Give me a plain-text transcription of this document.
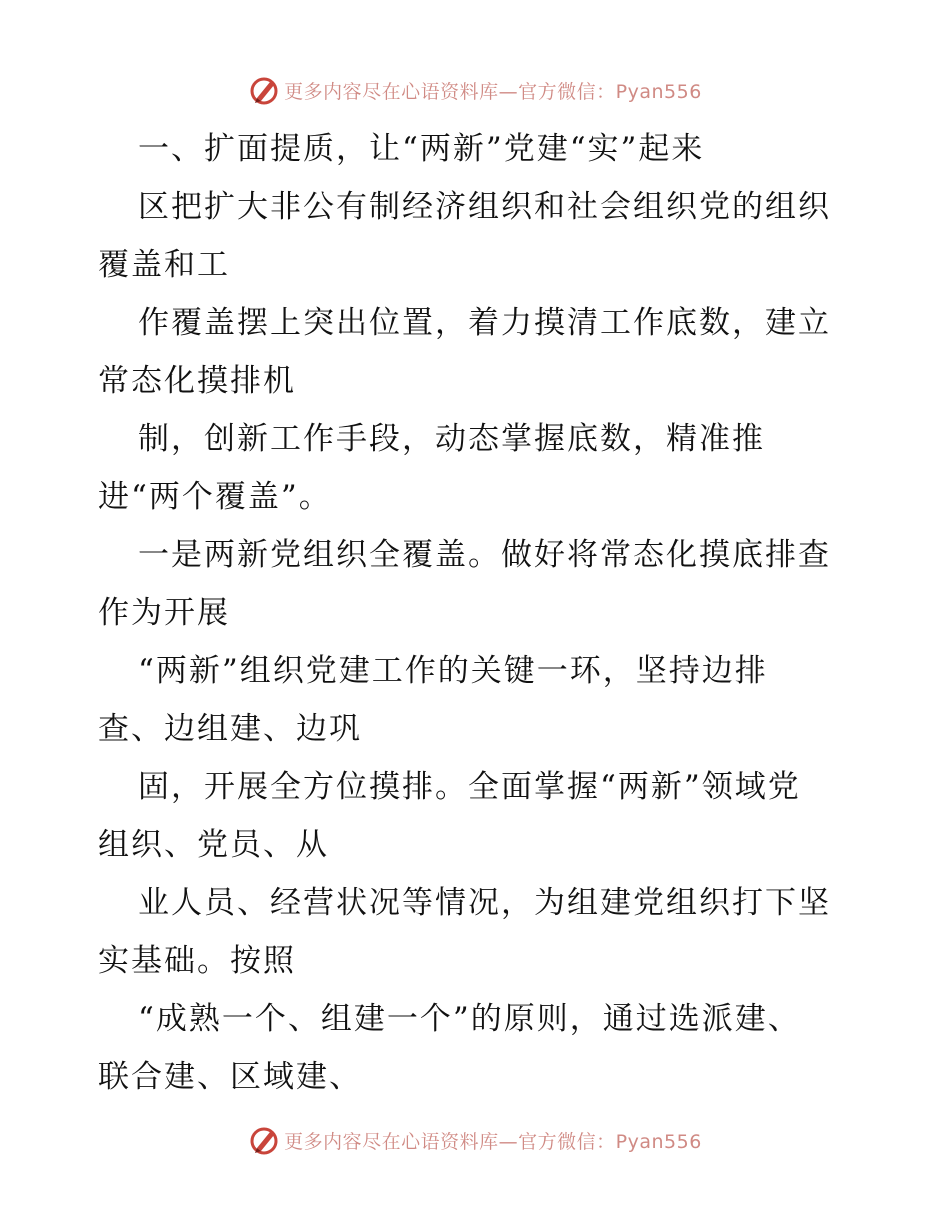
更多内容尽在心语资料库—官方微信：Pyan556
一、扩面提质，让“两新”党建“实”起来
区把扩大非公有制经济组织和社会组织党的组织
覆盖和工
作覆盖摆上突出位置，着力摸清工作底数，建立
常态化摸排机
制，创新工作手段，动态掌握底数，精准推
进“两个覆盖”。
一是两新党组织全覆盖。做好将常态化摸底排查
作为开展
“两新”组织党建工作的关键一环，坚持边排
查、边组建、边巩
固，开展全方位摸排。全面掌握“两新”领域党
组织、党员、从
业人员、经营状况等情况，为组建党组织打下坚
实基础。按照
“成熟一个、组建一个”的原则，通过选派建、
联合建、区域建、
更多内容尽在心语资料库—官方微信：Pyan556
